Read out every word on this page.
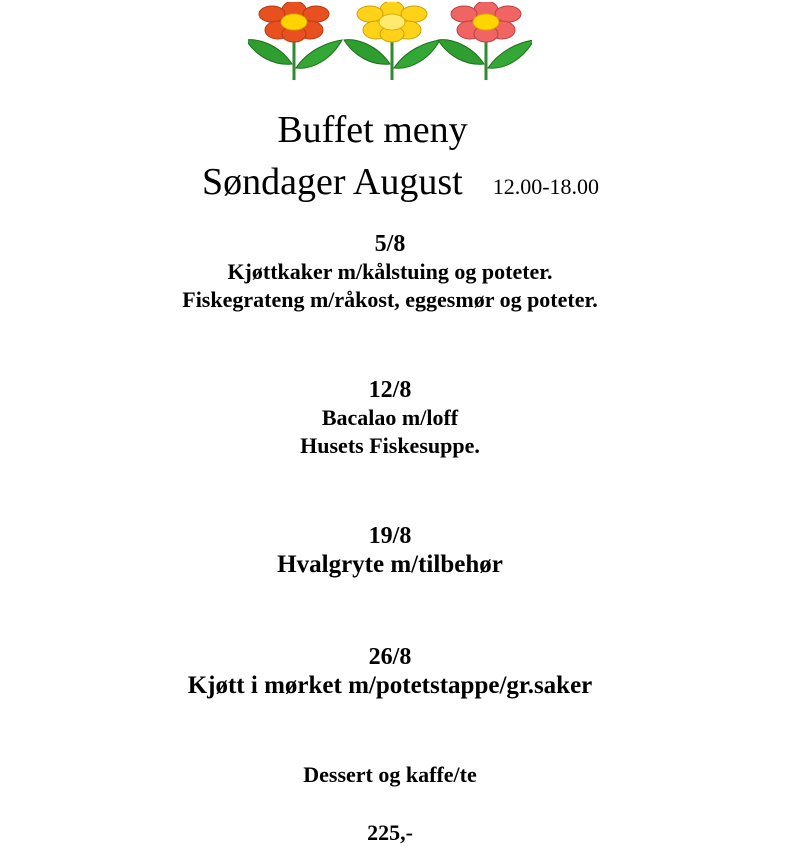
Buffet meny
Søndager August 12.00-18.00
5/8
Kjøttkaker m/kålstuing og poteter.
Fiskegrateng m/råkost, eggesmør og poteter.
12/8
Bacalao m/loff
Husets Fiskesuppe.
19/8
Hvalgryte m/tilbehør
26/8
Kjøtt i mørket m/potetstappe/gr.saker
Dessert og kaffe/te
225,-
